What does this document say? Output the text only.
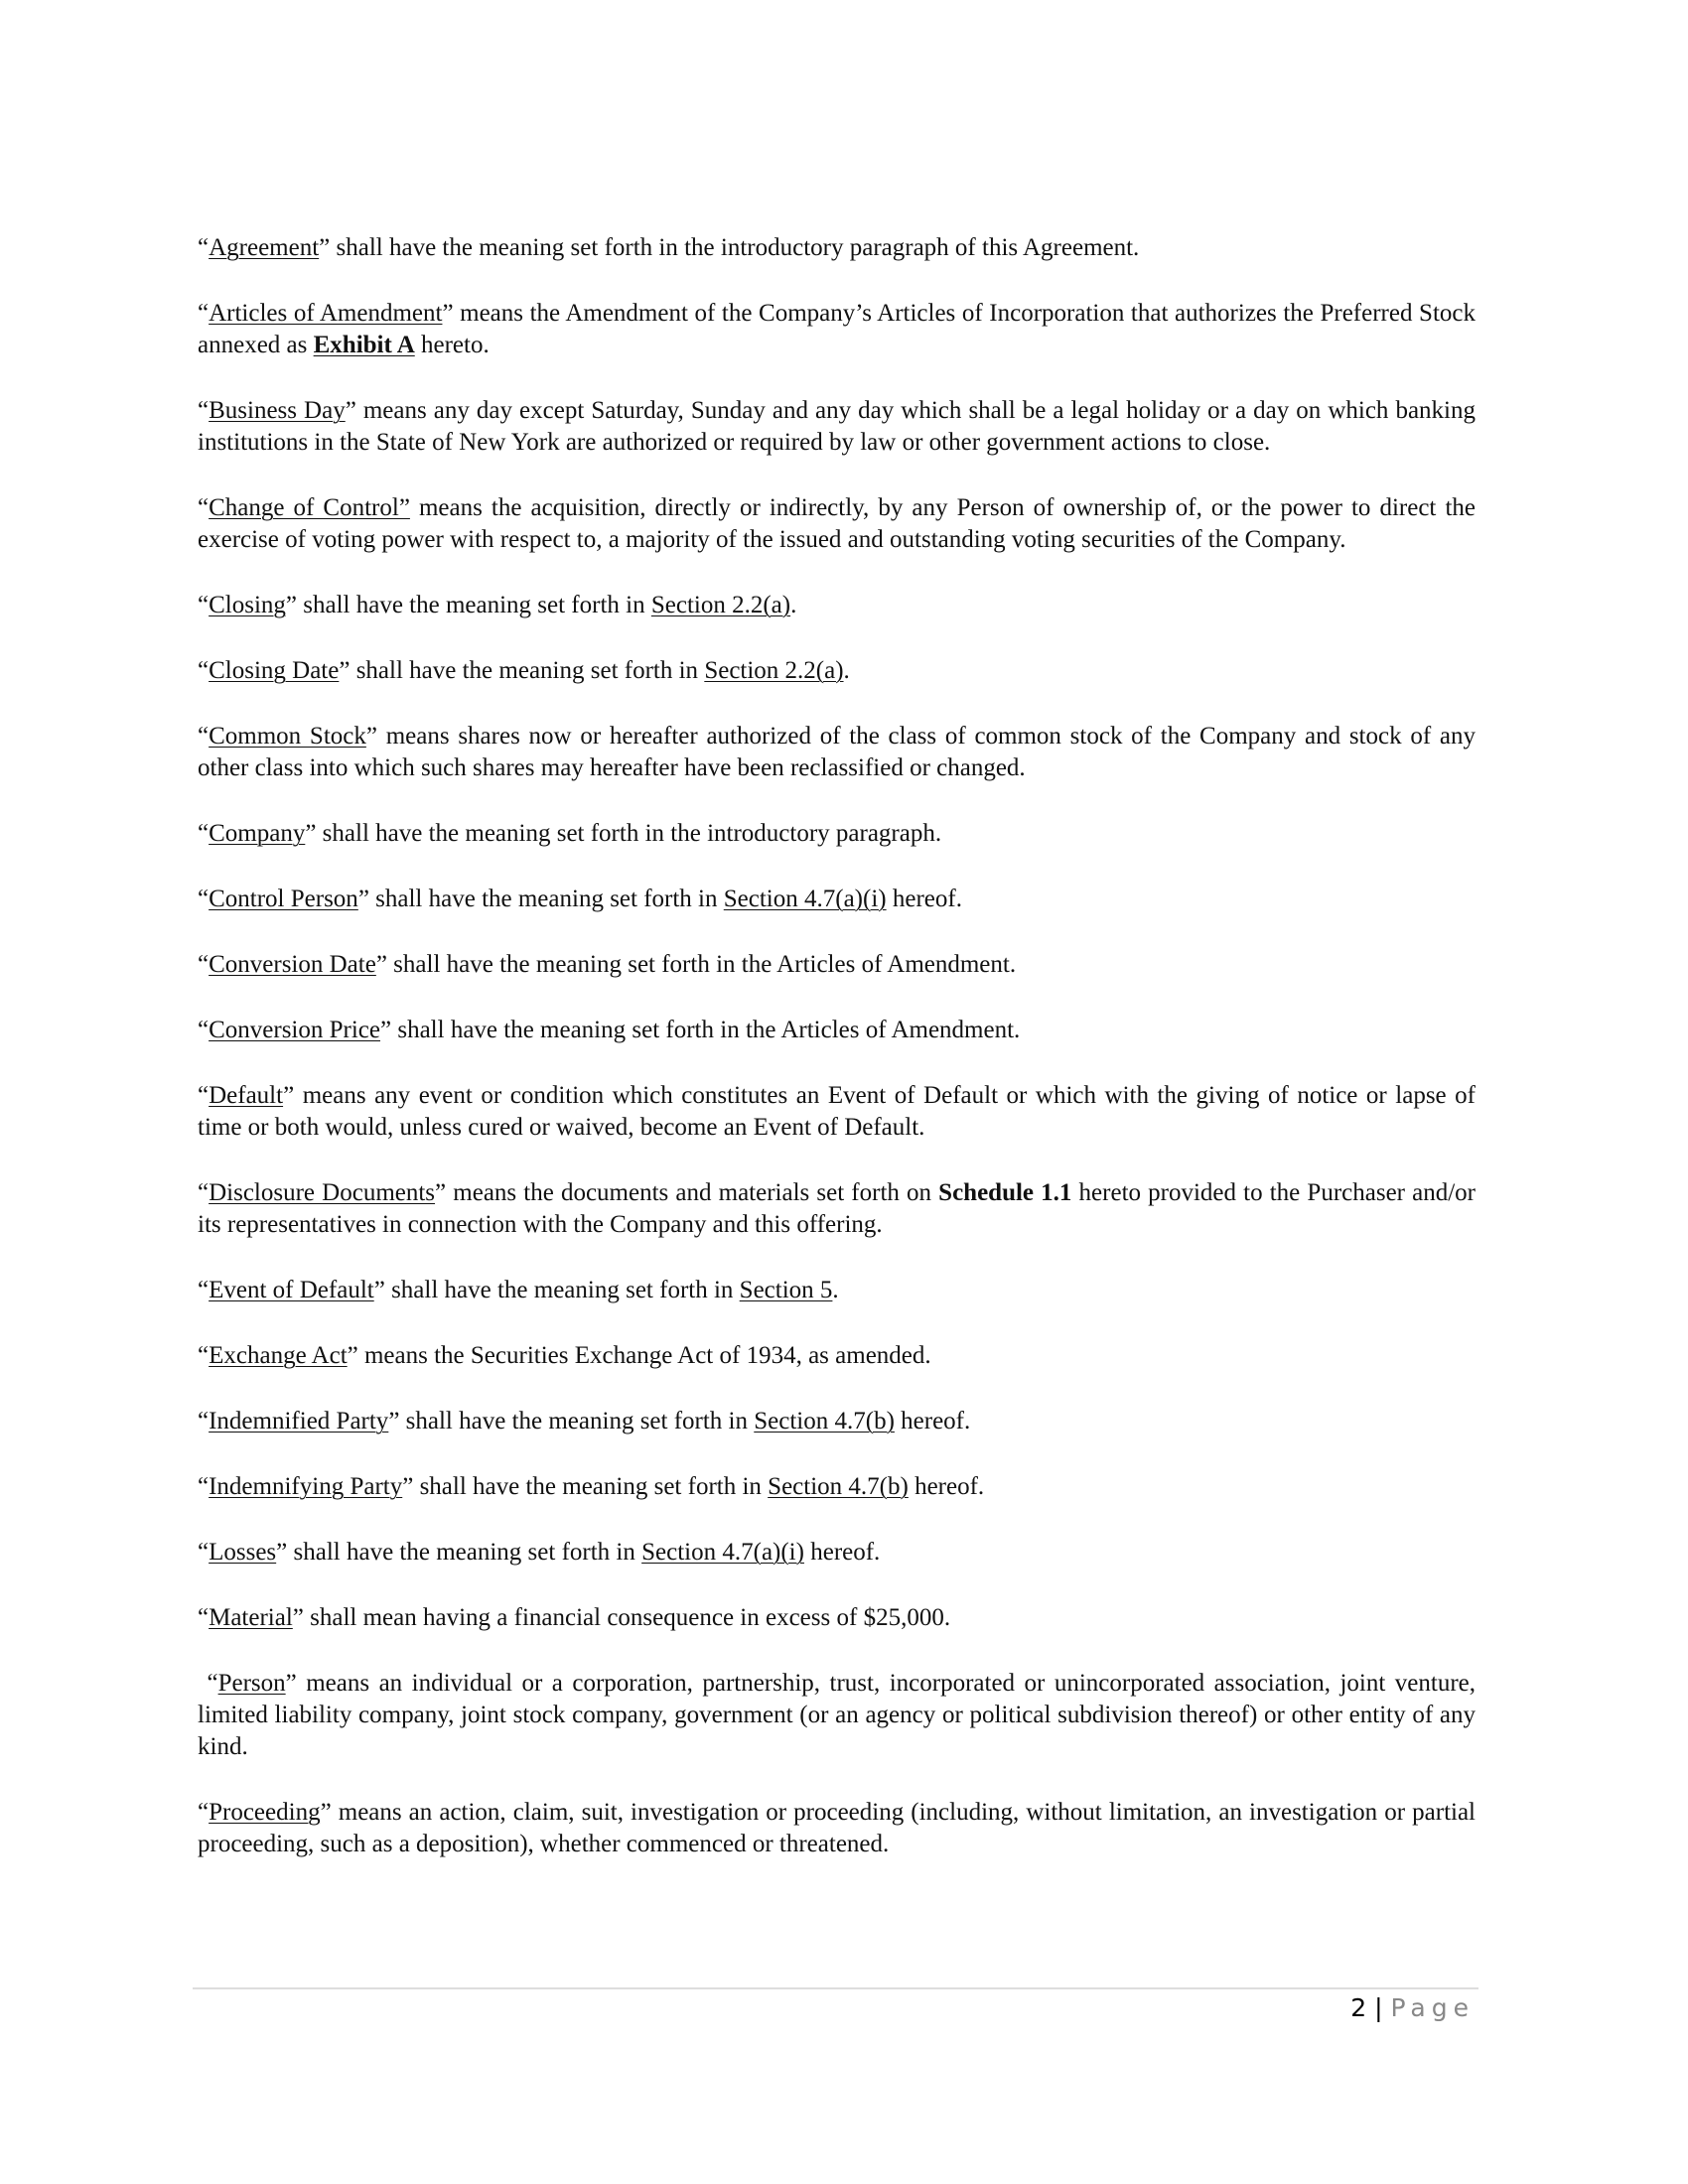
“Agreement” shall have the meaning set forth in the introductory paragraph of this Agreement.

“Articles of Amendment” means the Amendment of the Company’s Articles of Incorporation that authorizes the Preferred Stock annexed as Exhibit A hereto.

“Business Day” means any day except Saturday, Sunday and any day which shall be a legal holiday or a day on which banking institutions in the State of New York are authorized or required by law or other government actions to close.

“Change of Control” means the acquisition, directly or indirectly, by any Person of ownership of, or the power to direct the exercise of voting power with respect to, a majority of the issued and outstanding voting securities of the Company.

“Closing” shall have the meaning set forth in Section 2.2(a).

“Closing Date” shall have the meaning set forth in Section 2.2(a).

“Common Stock” means shares now or hereafter authorized of the class of common stock of the Company and stock of any other class into which such shares may hereafter have been reclassified or changed.

“Company” shall have the meaning set forth in the introductory paragraph.

“Control Person” shall have the meaning set forth in Section 4.7(a)(i) hereof.

“Conversion Date” shall have the meaning set forth in the Articles of Amendment.

“Conversion Price” shall have the meaning set forth in the Articles of Amendment.

“Default” means any event or condition which constitutes an Event of Default or which with the giving of notice or lapse of time or both would, unless cured or waived, become an Event of Default.

“Disclosure Documents” means the documents and materials set forth on Schedule 1.1 hereto provided to the Purchaser and/or its representatives in connection with the Company and this offering.

“Event of Default” shall have the meaning set forth in Section 5.

“Exchange Act” means the Securities Exchange Act of 1934, as amended.

“Indemnified Party” shall have the meaning set forth in Section 4.7(b) hereof.

“Indemnifying Party” shall have the meaning set forth in Section 4.7(b) hereof.

“Losses” shall have the meaning set forth in Section 4.7(a)(i) hereof.

“Material” shall mean having a financial consequence in excess of $25,000.

“Person” means an individual or a corporation, partnership, trust, incorporated or unincorporated association, joint venture, limited liability company, joint stock company, government (or an agency or political subdivision thereof) or other entity of any kind.

“Proceeding” means an action, claim, suit, investigation or proceeding (including, without limitation, an investigation or partial proceeding, such as a deposition), whether commenced or threatened.

2 | Page
